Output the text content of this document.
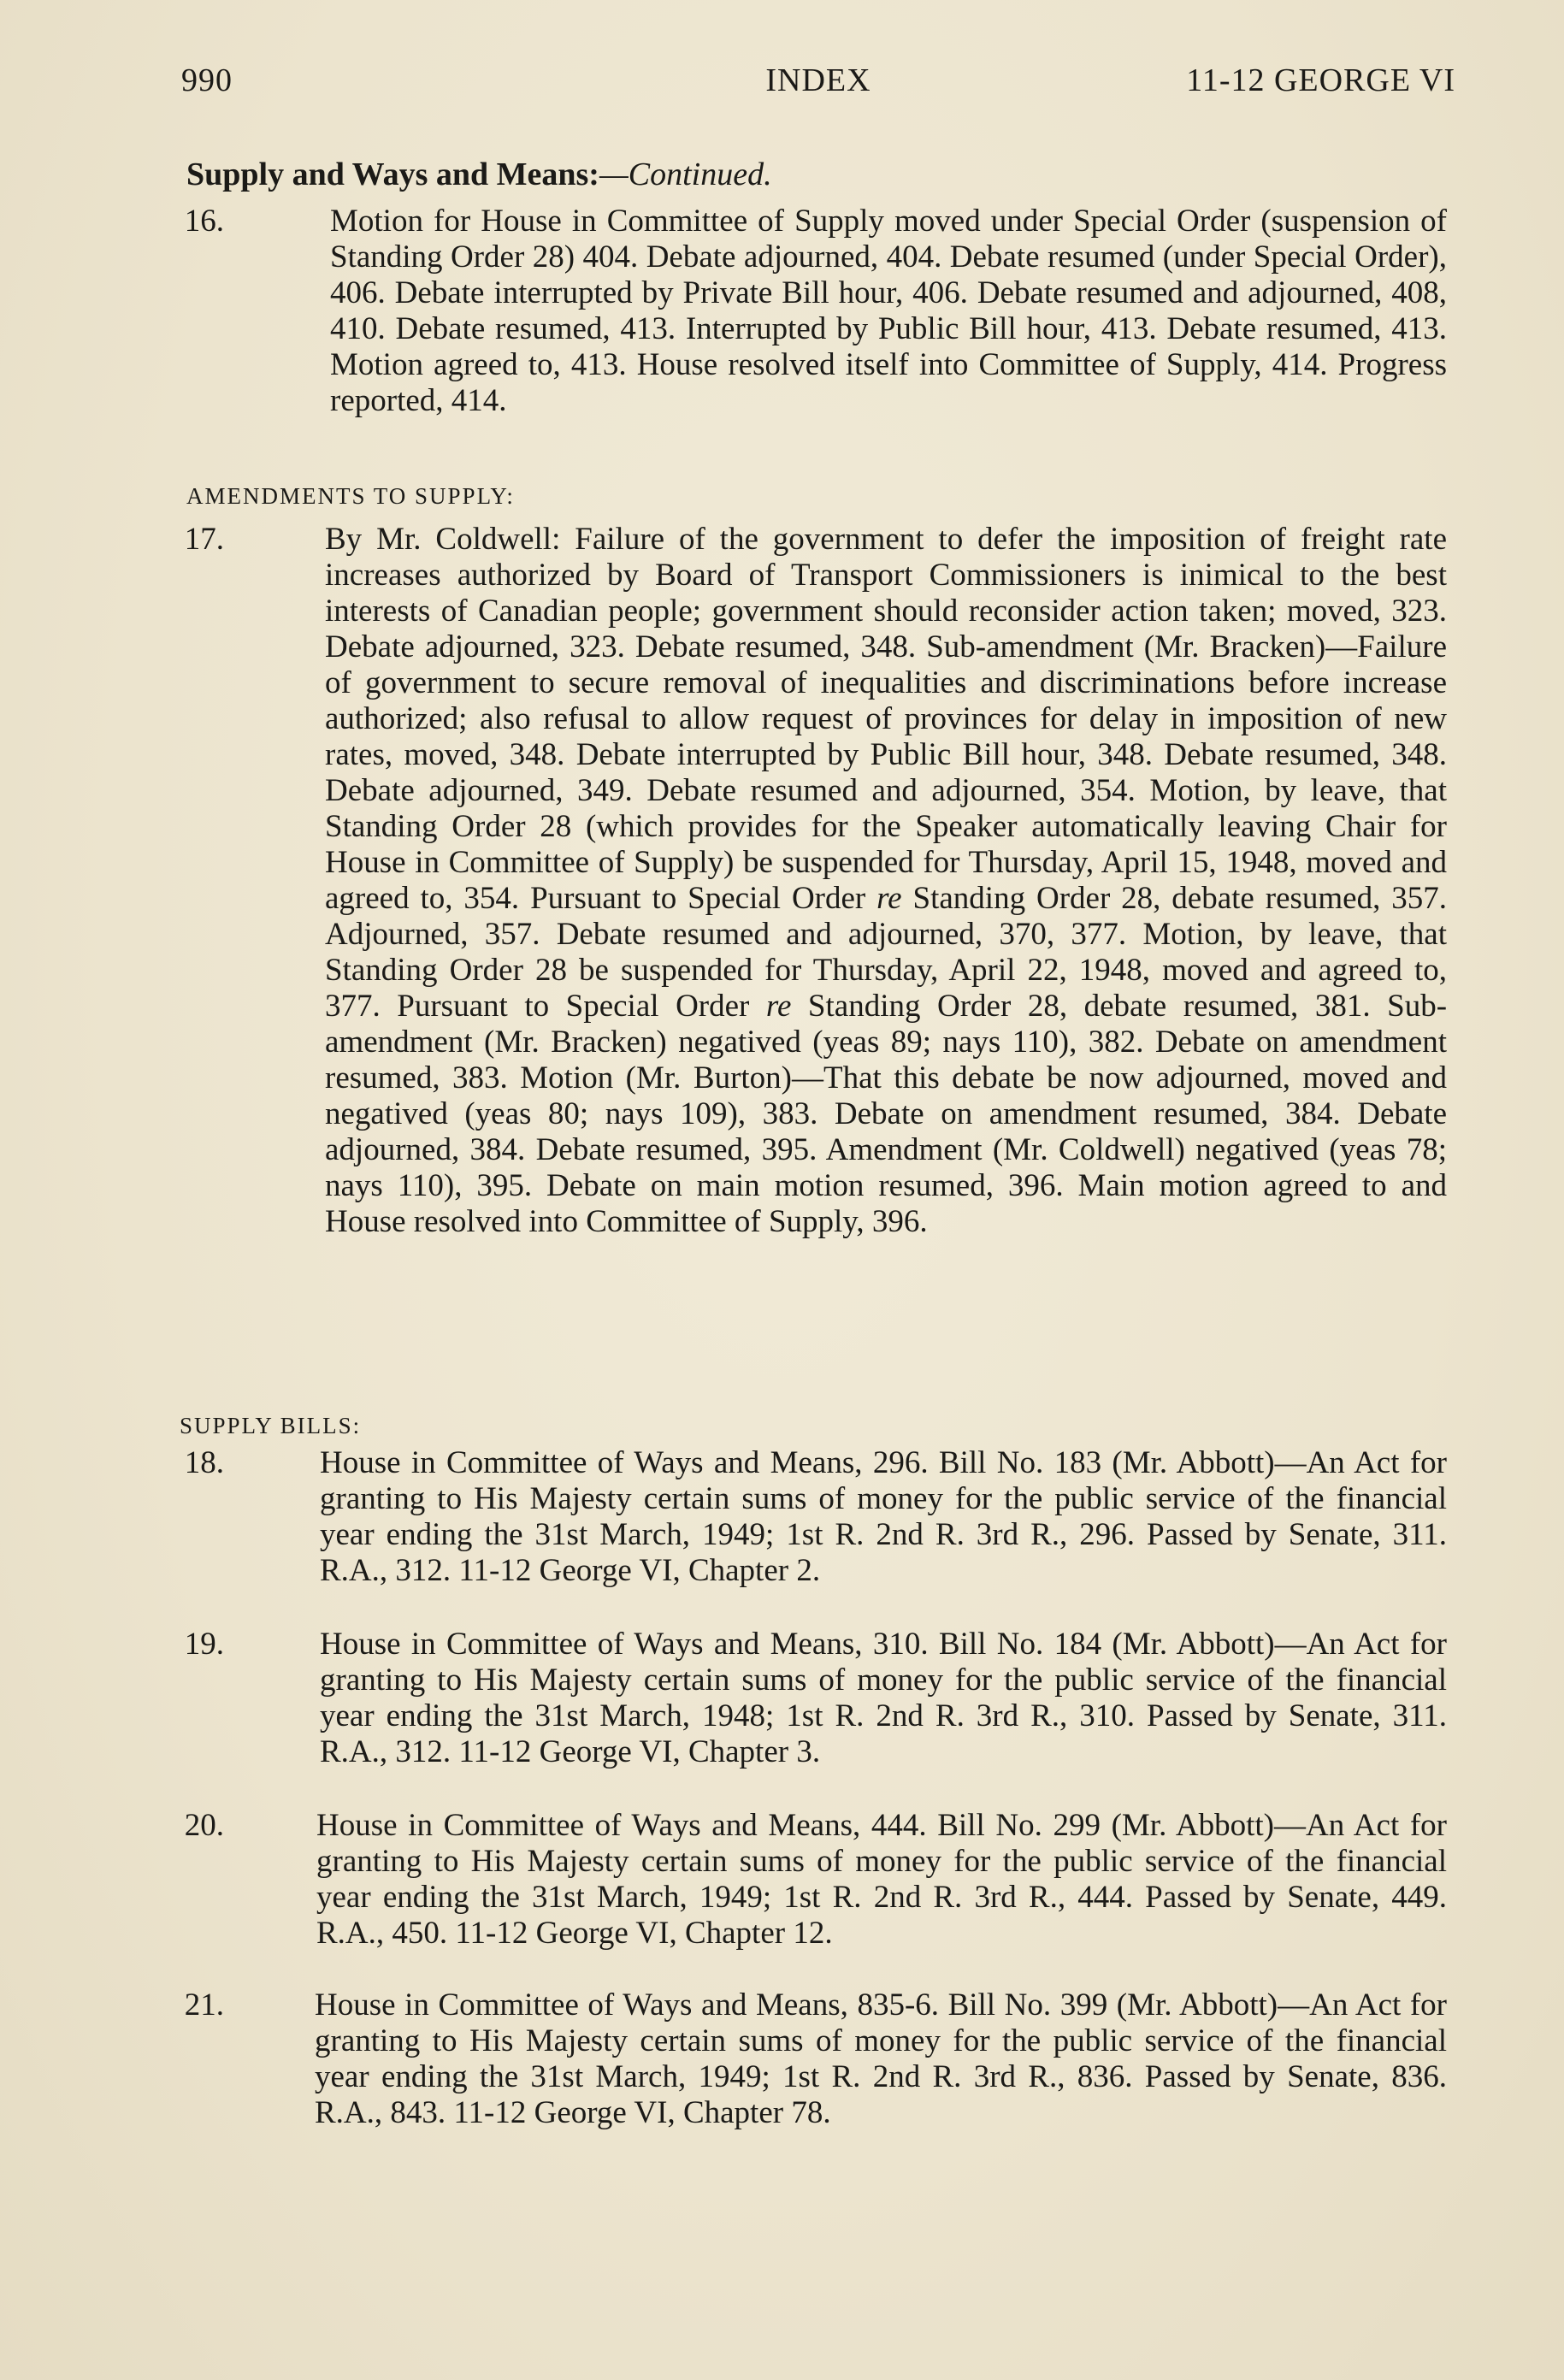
990	INDEX	11-12 GEORGE VI
Supply and Ways and Means:—Continued.
16.	Motion for House in Committee of Supply moved under Special Order (suspension of Standing Order 28) 404. Debate adjourned, 404. Debate resumed (under Special Order), 406. Debate interrupted by Private Bill hour, 406. Debate resumed and adjourned, 408, 410. Debate resumed, 413. Interrupted by Public Bill hour, 413. Debate resumed, 413. Motion agreed to, 413. House resolved itself into Committee of Supply, 414. Progress reported, 414.

AMENDMENTS TO SUPPLY:
17.	By Mr. Coldwell: Failure of the government to defer the imposition of freight rate increases authorized by Board of Transport Commissioners is inimical to the best interests of Canadian people; government should reconsider action taken; moved, 323. Debate adjourned, 323. Debate resumed, 348. Sub-amendment (Mr. Bracken)—Failure of government to secure removal of inequalities and discriminations before increase authorized; also refusal to allow request of provinces for delay in imposition of new rates, moved, 348. Debate interrupted by Public Bill hour, 348. Debate resumed, 348. Debate adjourned, 349. Debate resumed and adjourned, 354. Motion, by leave, that Standing Order 28 (which provides for the Speaker automatically leaving Chair for House in Committee of Supply) be suspended for Thursday, April 15, 1948, moved and agreed to, 354. Pursuant to Special Order re Standing Order 28, debate resumed, 357. Adjourned, 357. Debate resumed and adjourned, 370, 377. Motion, by leave, that Standing Order 28 be suspended for Thursday, April 22, 1948, moved and agreed to, 377. Pursuant to Special Order re Standing Order 28, debate resumed, 381. Sub-amendment (Mr. Bracken) negatived (yeas 89; nays 110), 382. Debate on amendment resumed, 383. Motion (Mr. Burton)—That this debate be now adjourned, moved and negatived (yeas 80; nays 109), 383. Debate on amendment resumed, 384. Debate adjourned, 384. Debate resumed, 395. Amendment (Mr. Coldwell) negatived (yeas 78; nays 110), 395. Debate on main motion resumed, 396. Main motion agreed to and House resolved into Committee of Supply, 396.

SUPPLY BILLS:
18.	House in Committee of Ways and Means, 296. Bill No. 183 (Mr. Abbott)—An Act for granting to His Majesty certain sums of money for the public service of the financial year ending the 31st March, 1949; 1st R. 2nd R. 3rd R., 296. Passed by Senate, 311. R.A., 312. 11-12 George VI, Chapter 2.

19.	House in Committee of Ways and Means, 310. Bill No. 184 (Mr. Abbott)—An Act for granting to His Majesty certain sums of money for the public service of the financial year ending the 31st March, 1948; 1st R. 2nd R. 3rd R., 310. Passed by Senate, 311. R.A., 312. 11-12 George VI, Chapter 3.

20.	House in Committee of Ways and Means, 444. Bill No. 299 (Mr. Abbott)—An Act for granting to His Majesty certain sums of money for the public service of the financial year ending the 31st March, 1949; 1st R. 2nd R. 3rd R., 444. Passed by Senate, 449. R.A., 450. 11-12 George VI, Chapter 12.

21.	House in Committee of Ways and Means, 835-6. Bill No. 399 (Mr. Abbott)—An Act for granting to His Majesty certain sums of money for the public service of the financial year ending the 31st March, 1949; 1st R. 2nd R. 3rd R., 836. Passed by Senate, 836. R.A., 843. 11-12 George VI, Chapter 78.
